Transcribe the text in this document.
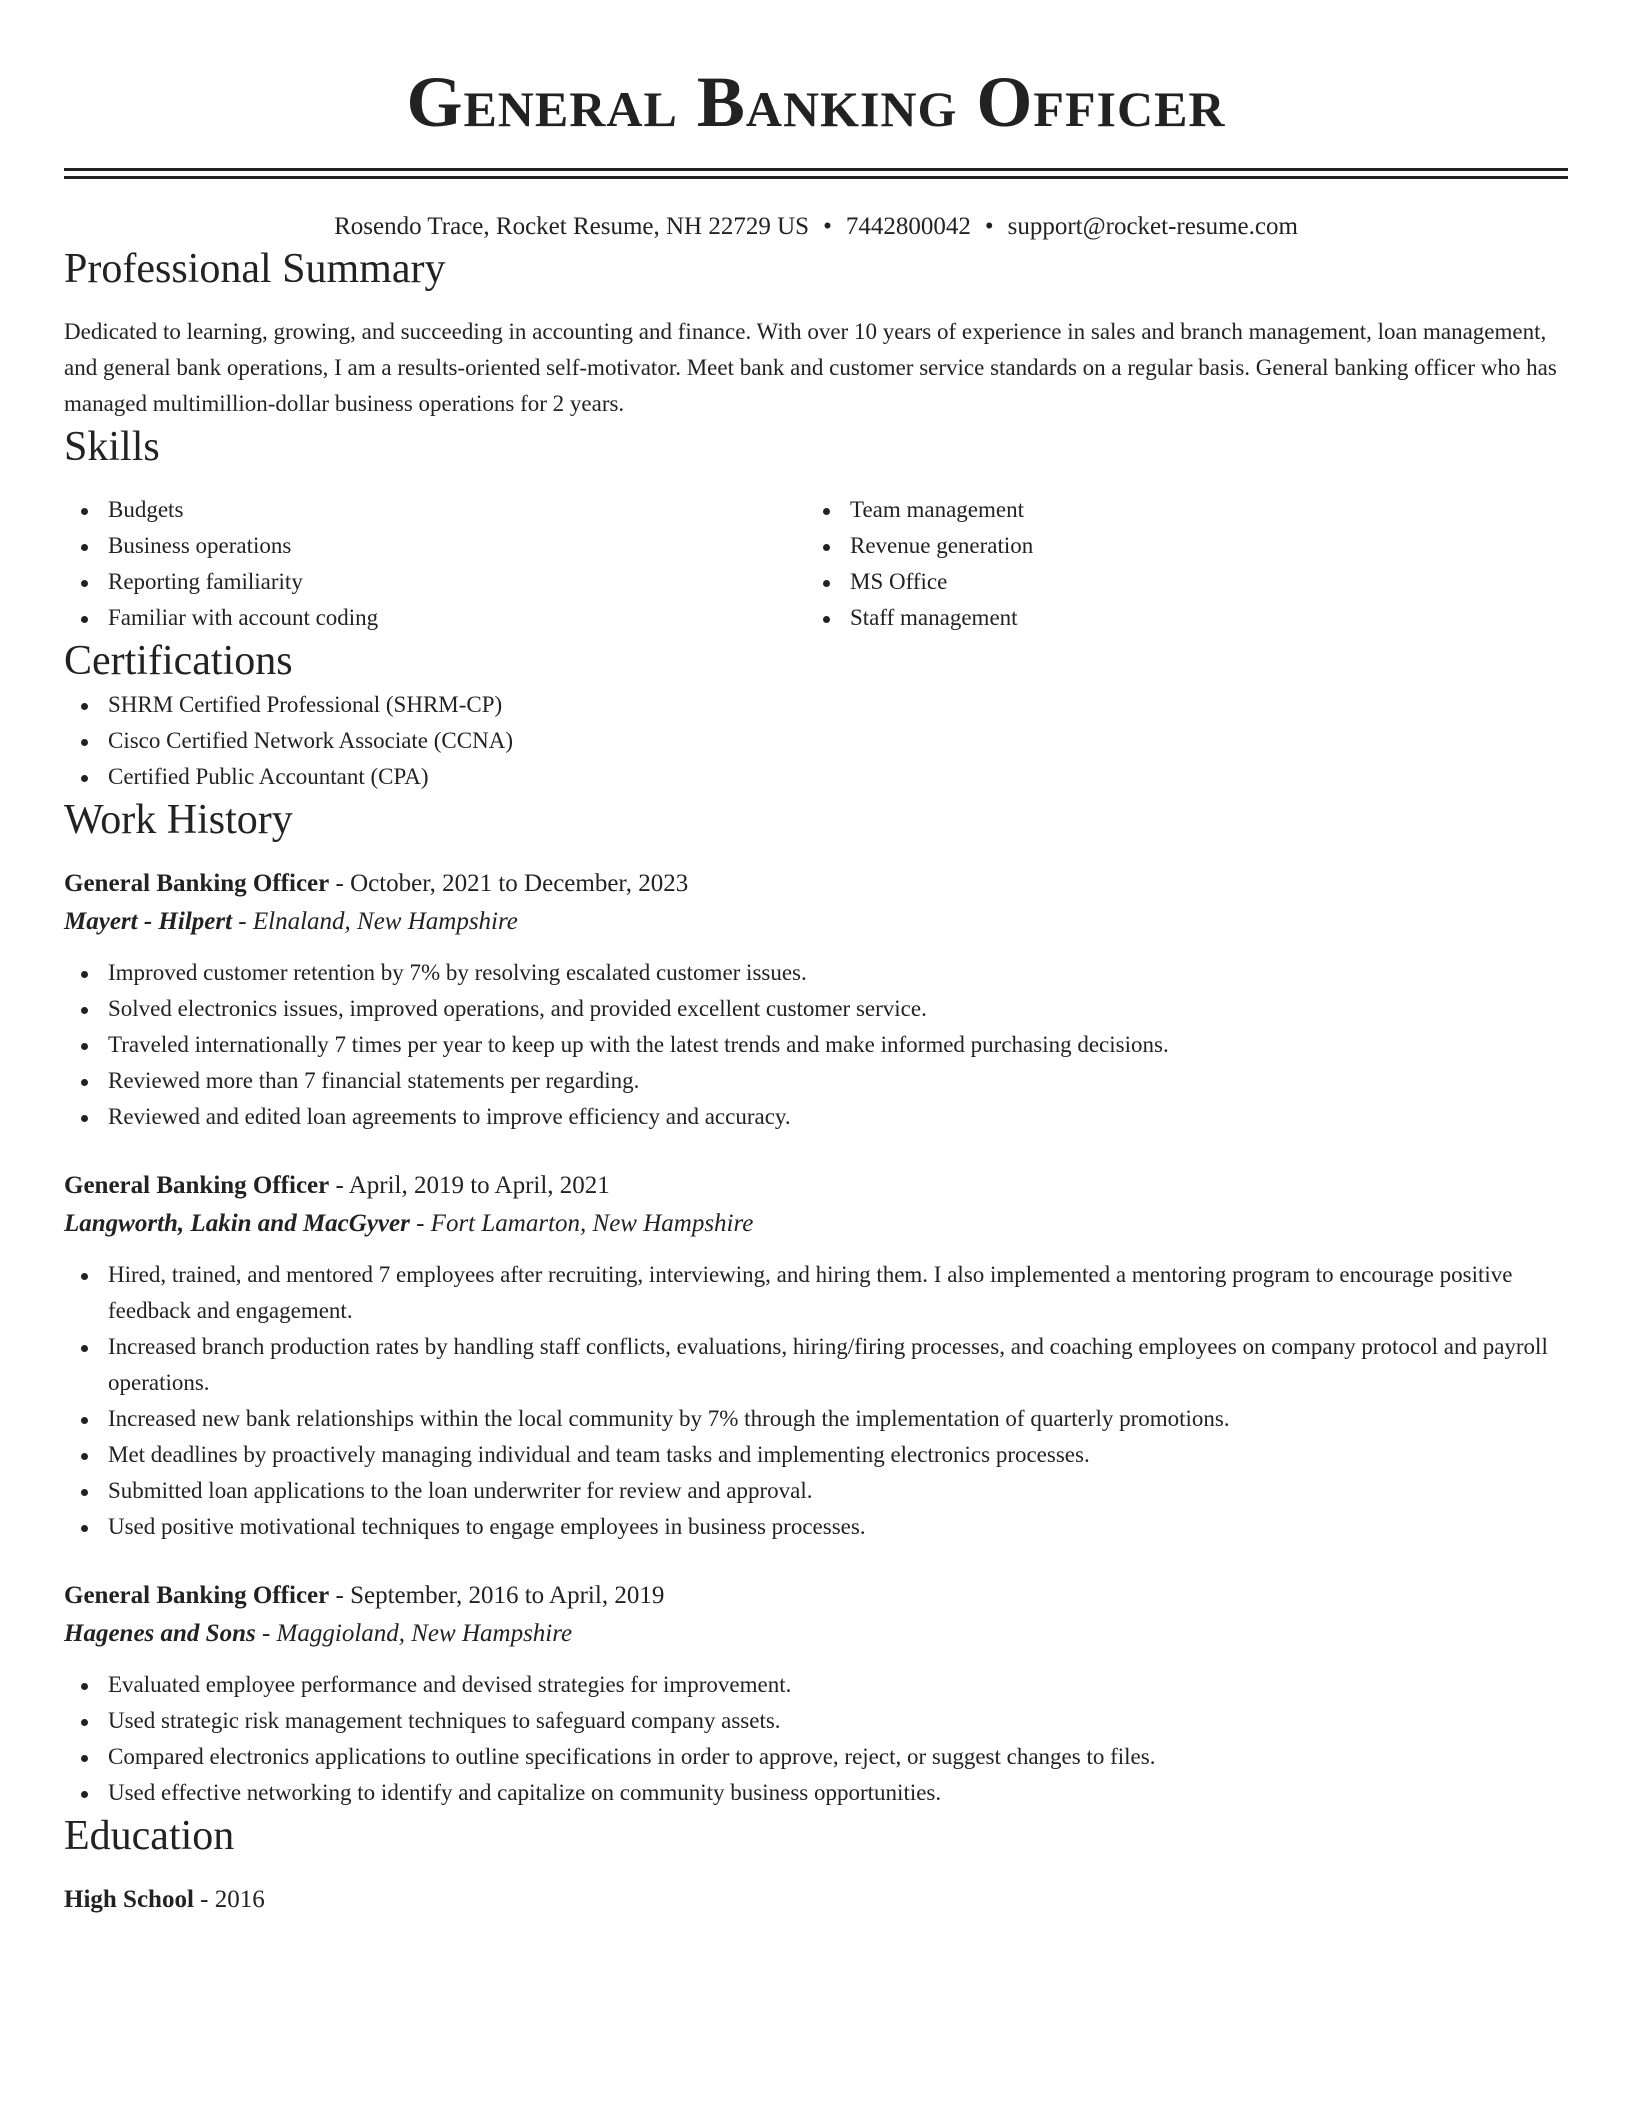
General Banking Officer
Rosendo Trace, Rocket Resume, NH 22729 US • 7442800042 • support@rocket-resume.com
Professional Summary

Dedicated to learning, growing, and succeeding in accounting and finance. With over 10 years of experience in sales and branch management, loan management, and general bank operations, I am a results-oriented self-motivator. Meet bank and customer service standards on a regular basis. General banking officer who has managed multimillion-dollar business operations for 2 years.

Skills
Budgets
Business operations
Reporting familiarity
Familiar with account coding
Team management
Revenue generation
MS Office
Staff management
Certifications
SHRM Certified Professional (SHRM-CP)
Cisco Certified Network Associate (CCNA)
Certified Public Accountant (CPA)
Work History
General Banking Officer - October, 2021 to December, 2023
Mayert - Hilpert - Elnaland, New Hampshire
Improved customer retention by 7% by resolving escalated customer issues.
Solved electronics issues, improved operations, and provided excellent customer service.
Traveled internationally 7 times per year to keep up with the latest trends and make informed purchasing decisions.
Reviewed more than 7 financial statements per regarding.
Reviewed and edited loan agreements to improve efficiency and accuracy.
General Banking Officer - April, 2019 to April, 2021
Langworth, Lakin and MacGyver - Fort Lamarton, New Hampshire
Hired, trained, and mentored 7 employees after recruiting, interviewing, and hiring them. I also implemented a mentoring program to encourage positive feedback and engagement.
Increased branch production rates by handling staff conflicts, evaluations, hiring/firing processes, and coaching employees on company protocol and payroll operations.
Increased new bank relationships within the local community by 7% through the implementation of quarterly promotions.
Met deadlines by proactively managing individual and team tasks and implementing electronics processes.
Submitted loan applications to the loan underwriter for review and approval.
Used positive motivational techniques to engage employees in business processes.
General Banking Officer - September, 2016 to April, 2019
Hagenes and Sons - Maggioland, New Hampshire
Evaluated employee performance and devised strategies for improvement.
Used strategic risk management techniques to safeguard company assets.
Compared electronics applications to outline specifications in order to approve, reject, or suggest changes to files.
Used effective networking to identify and capitalize on community business opportunities.
Education
High School - 2016
